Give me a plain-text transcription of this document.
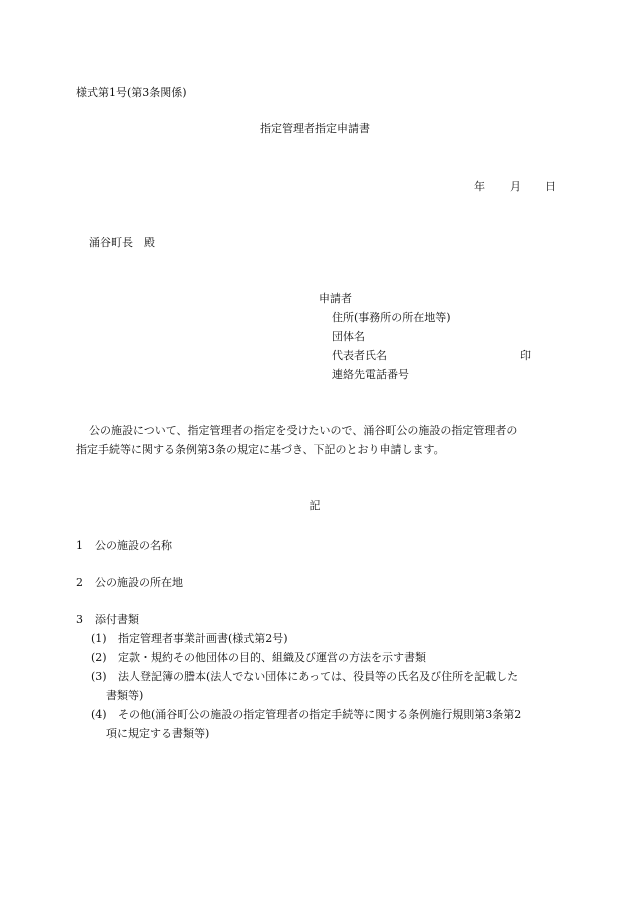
様式第1号(第3条関係)
指定管理者指定申請書
年 月 日
涌谷町長　殿
申請者
住所(事務所の所在地等)
団体名
代表者氏名	印
連絡先電話番号
公の施設について、指定管理者の指定を受けたいので、涌谷町公の施設の指定管理者の
指定手続等に関する条例第3条の規定に基づき、下記のとおり申請します。
記
1 公の施設の名称
2 公の施設の所在地
3 添付書類
(1) 指定管理者事業計画書(様式第2号)
(2) 定款・規約その他団体の目的、組織及び運営の方法を示す書類
(3) 法人登記簿の謄本(法人でない団体にあっては、役員等の氏名及び住所を記載した
書類等)
(4) その他(涌谷町公の施設の指定管理者の指定手続等に関する条例施行規則第3条第2
項に規定する書類等)
